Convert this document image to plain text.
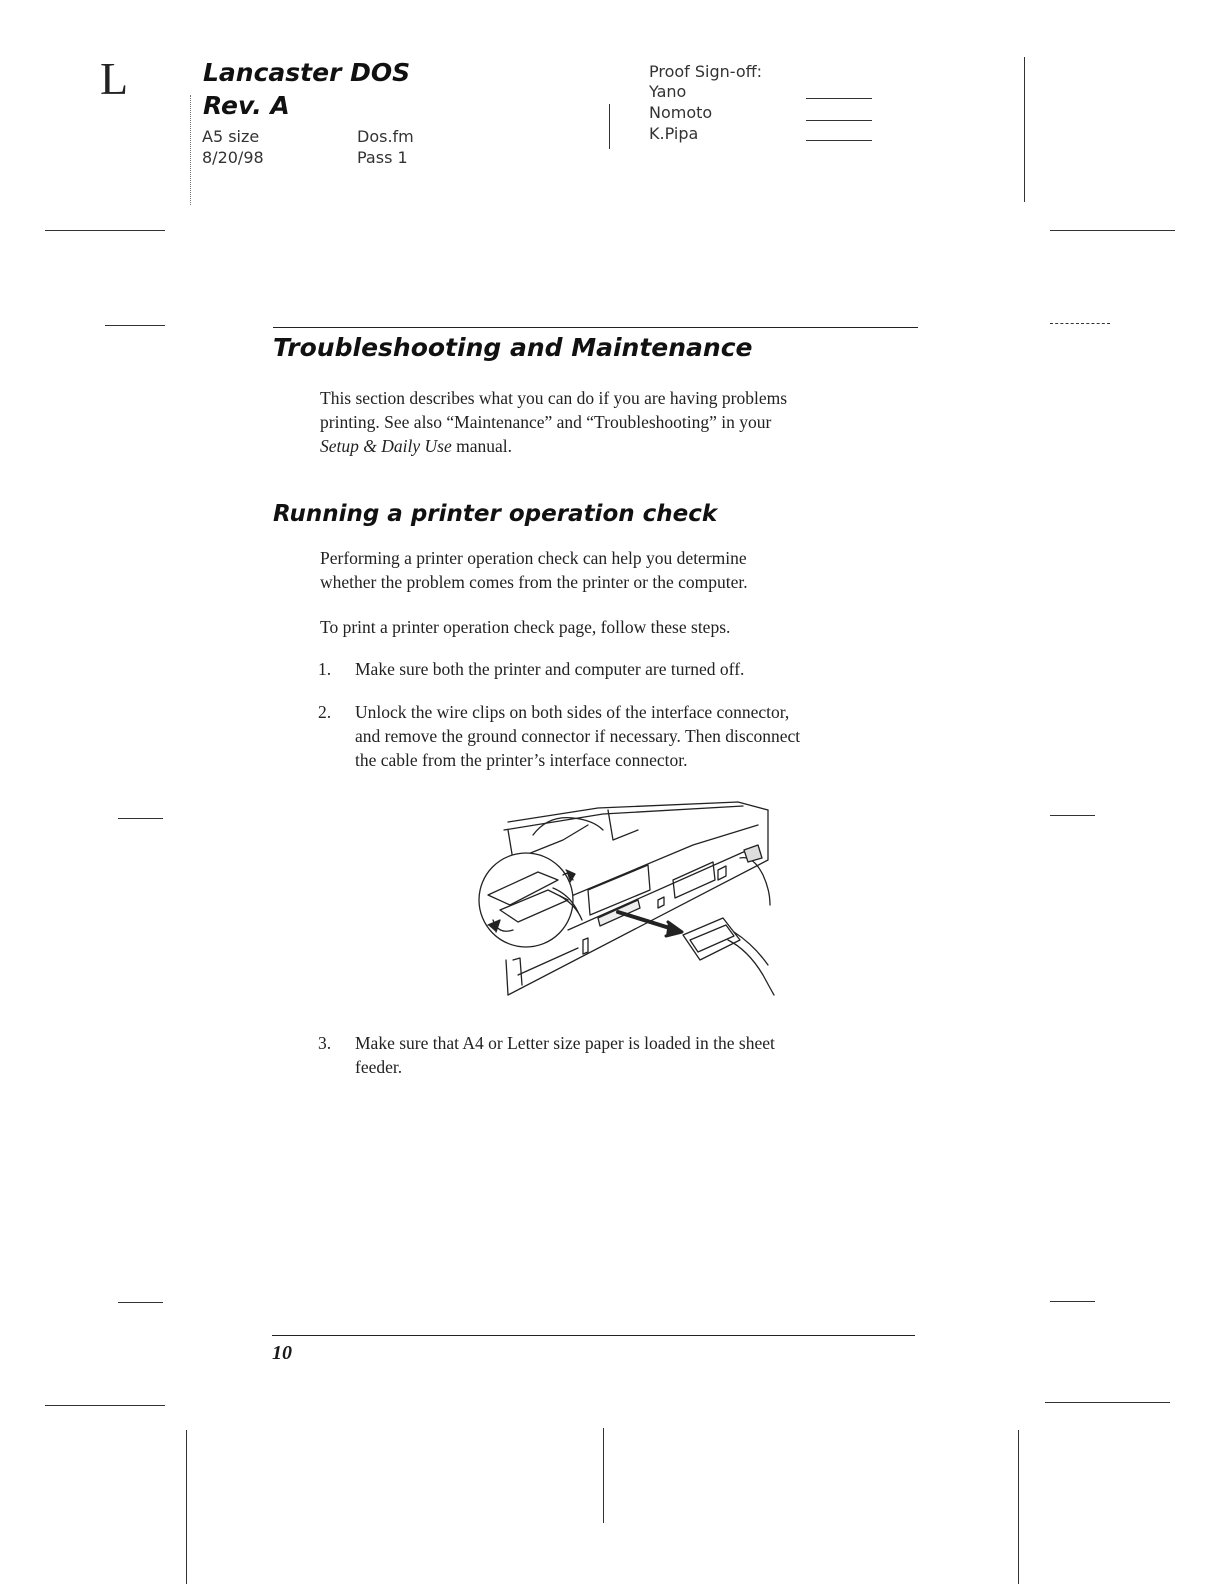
L	Lancaster DOS
Rev. A
A5 size
8/20/98
Dos.fm
Pass 1
Proof Sign-off:
Yano
Nomoto
K.Pipa
Troubleshooting and Maintenance
This section describes what you can do if you are having problems
printing. See also “Maintenance” and “Troubleshooting” in your
Setup & Daily Use manual.
Running a printer operation check
Performing a printer operation check can help you determine
whether the problem comes from the printer or the computer.
To print a printer operation check page, follow these steps.
1. Make sure both the printer and computer are turned off.
2. Unlock the wire clips on both sides of the interface connector,
and remove the ground connector if necessary. Then disconnect
the cable from the printer’s interface connector.
3. Make sure that A4 or Letter size paper is loaded in the sheet
feeder.
10
